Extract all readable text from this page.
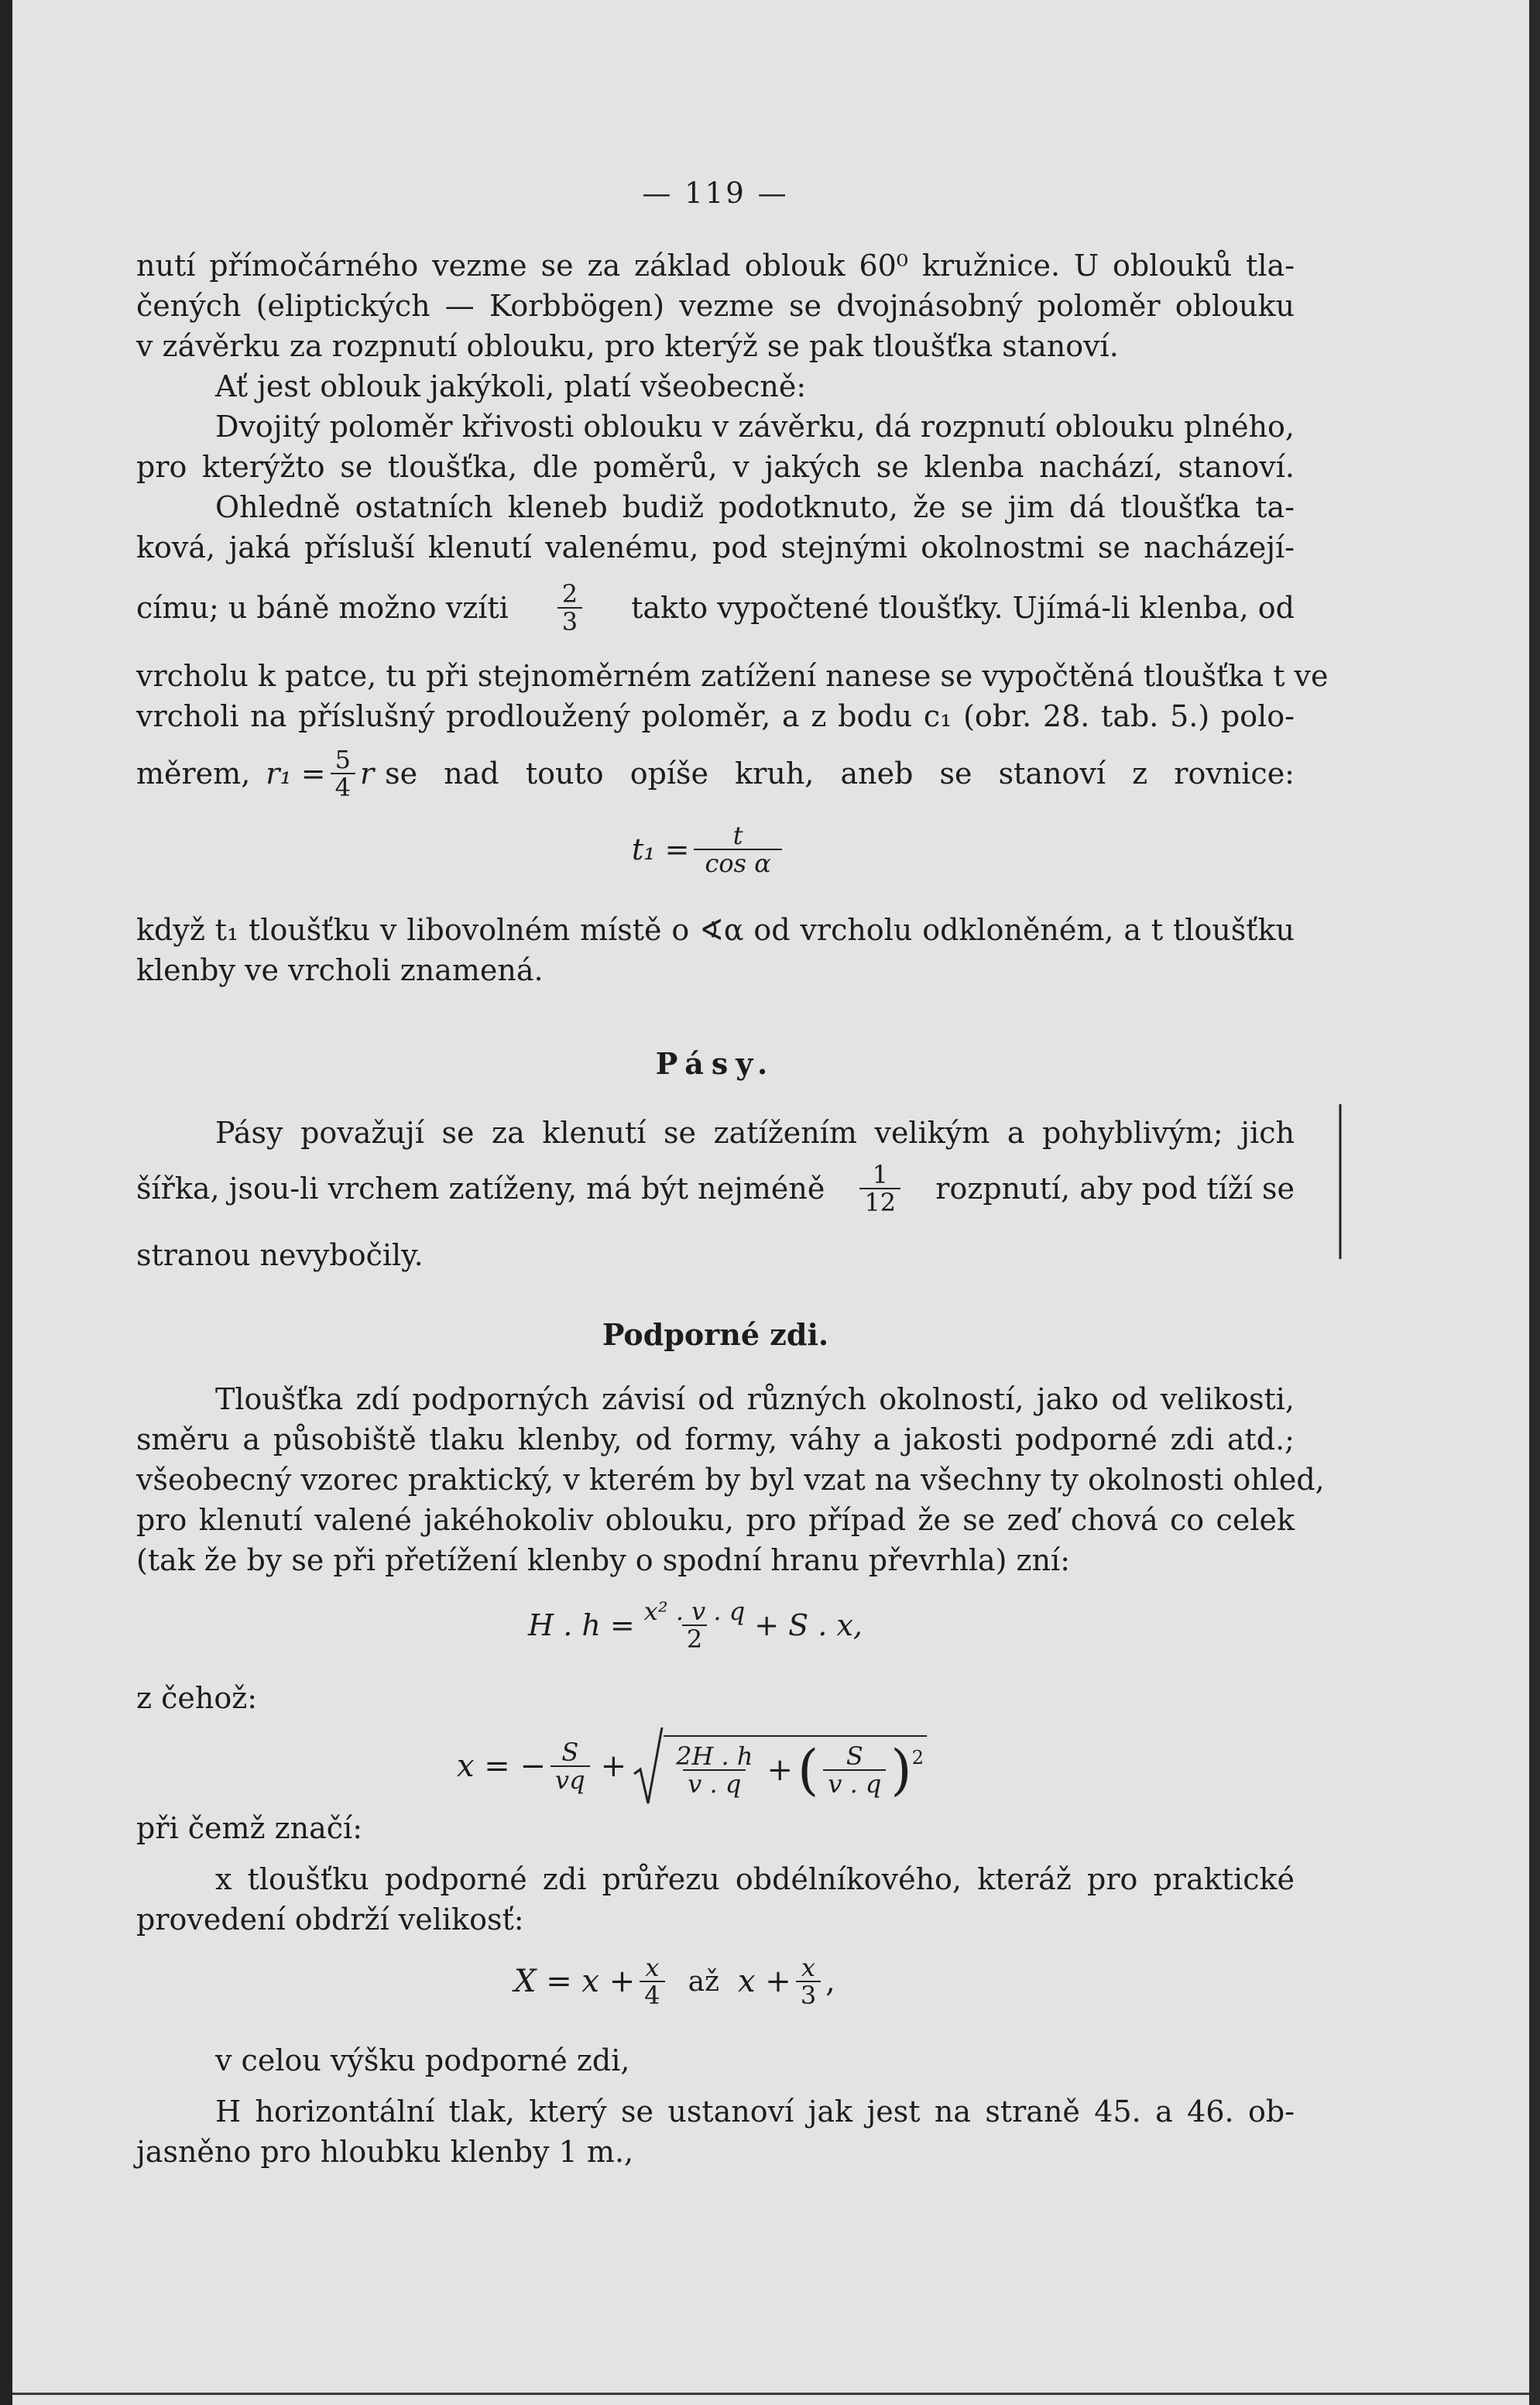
— 119 —
nutí přímočárného vezme se za základ oblouk 60⁰ kružnice. U oblouků tla-
čených (eliptických — Korbbögen) vezme se dvojnásobný poloměr oblouku
v závěrku za rozpnutí oblouku, pro kterýž se pak tloušťka stanoví.
Ať jest oblouk jakýkoli, platí všeobecně:
Dvojitý poloměr křivosti oblouku v závěrku, dá rozpnutí oblouku plného,
pro kterýžto se tloušťka, dle poměrů, v jakých se klenba nachází, stanoví.
Ohledně ostatních kleneb budiž podotknuto, že se jim dá tloušťka ta-
ková, jaká přísluší klenutí valenému, pod stejnými okolnostmi se nacházejí-
címu; u báně možno vzíti $\frac{2}{3}$ takto vypočtené tloušťky. Ujímá-li klenba, od
vrcholu k patce, tu při stejnoměrném zatížení nanese se vypočtěná tloušťka t ve
vrcholi na příslušný prodloužený poloměr, a z bodu c₁ (obr. 28. tab. 5.) polo-
měrem, $r_1 = \frac{5}{4}$ r se nad touto opíše kruh, aneb se stanoví z rovnice:
$t_1 = \frac{t}{\text{cos α}}$
když t₁ tloušťku v libovolném místě o ∢α od vrcholu odkloněném, a t tloušťku
klenby ve vrcholi znamená.
Pásy.
Pásy považují se za klenutí se zatížením velikým a pohyblivým; jich
šířka, jsou-li vrchem zatíženy, má být nejméně $\frac{1}{12}$ rozpnutí, aby pod tíží se
stranou nevybočily.
Podporné zdi.
Tloušťka zdí podporných závisí od různých okolností, jako od velikosti,
směru a působiště tlaku klenby, od formy, váhy a jakosti podporné zdi atd.;
všeobecný vzorec praktický, v kterém by byl vzat na všechny ty okolnosti ohled,
pro klenutí valené jakéhokoliv oblouku, pro případ že se zeď chová co celek
(tak že by se při přetížení klenby o spodní hranu převrhla) zní:
H . $h = \frac{\text{x² . v . q}}{2} + S$ . x,
z čehož:
x = − $\frac{S}{vq} + \frac{2H . h}{v . q}$ + ( $\frac{S}{v . q}$ ) 2
při čemž značí:
x tloušťku podporné zdi průřezu obdélníkového, kteráž pro praktické
provedení obdrží velikosť:
$X = x + \frac{x}{4}$ až $x + \frac{x}{3}$ ,
v celou výšku podporné zdi,
H horizontální tlak, který se ustanoví jak jest na straně 45. a 46. ob-
jasněno pro hloubku klenby 1 m.,
